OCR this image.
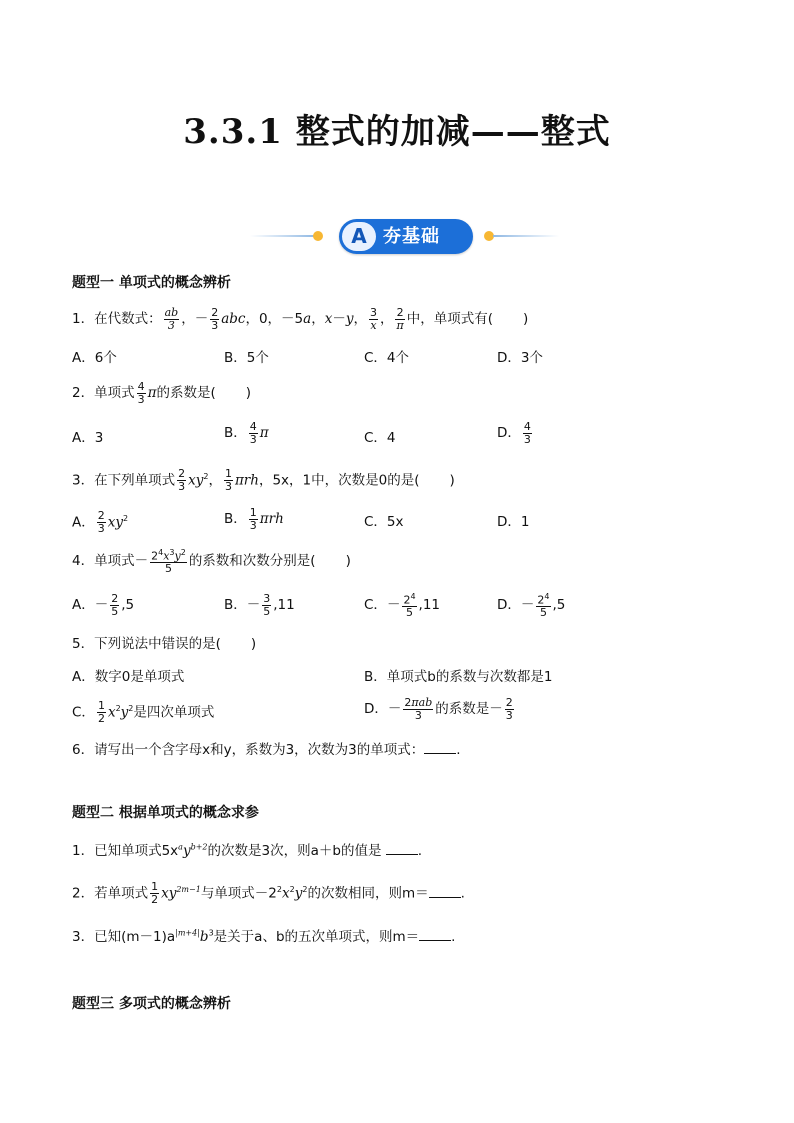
3.3.1 整式的加减——整式
A 夯基础
题型一 单项式的概念辨析
1．在代数式： $\frac{ab}{3}$ ，－ $\frac{2}{3}$ abc，0，－5a，x－y， $\frac{3}{x}$ ， $\frac{2}{\pi}$ 中，单项式有( )
A．6个	B．5个	C．4个	D．3个
2．单项式 $\frac{4}{3}$ π的系数是( )
A．3	B． $\frac{4}{3}$ π	C．4	D． $\frac{4}{3}$
3．在下列单项式 $\frac{2}{3} xy^2$， $\frac{1}{3}$ πrh，5x，1中，次数是0的是( )
A． $\frac{2}{3} xy^2$	B． $\frac{1}{3}$ πrh	C．5x	D．1
4．单项式－ $\frac{2^4x^3y^2}{5}$ 的系数和次数分别是( )
A．－ $\frac{2}{5} ,5$	B．－ $\frac{3}{5} ,11$	C．－ $\frac{2^4}{5} ,11$	D．－ $\frac{2^4}{5} ,5$
5．下列说法中错误的是( )
A．数字0是单项式	B．单项式b的系数与次数都是1
C． $\frac{1}{2} x^2y^2$是四次单项式	D．－ $\frac{\text{2πab}}{3}$ 的系数是－ $\frac{2}{3}$
6．请写出一个含字母x和y，系数为3，次数为3的单项式： .
题型二 根据单项式的概念求参
1．已知单项式$5x^ay^{b+2}$的次数是3次，则a＋b的值是	.
2．若单项式 $\frac{1}{2} xy^{2m-1}$与单项式$-2^2x^2y^2$的次数相同，则m＝ .
3．已知$(m-1)a^{|m+4|}b^3$是关于a、b的五次单项式，则m＝ .
题型三 多项式的概念辨析
